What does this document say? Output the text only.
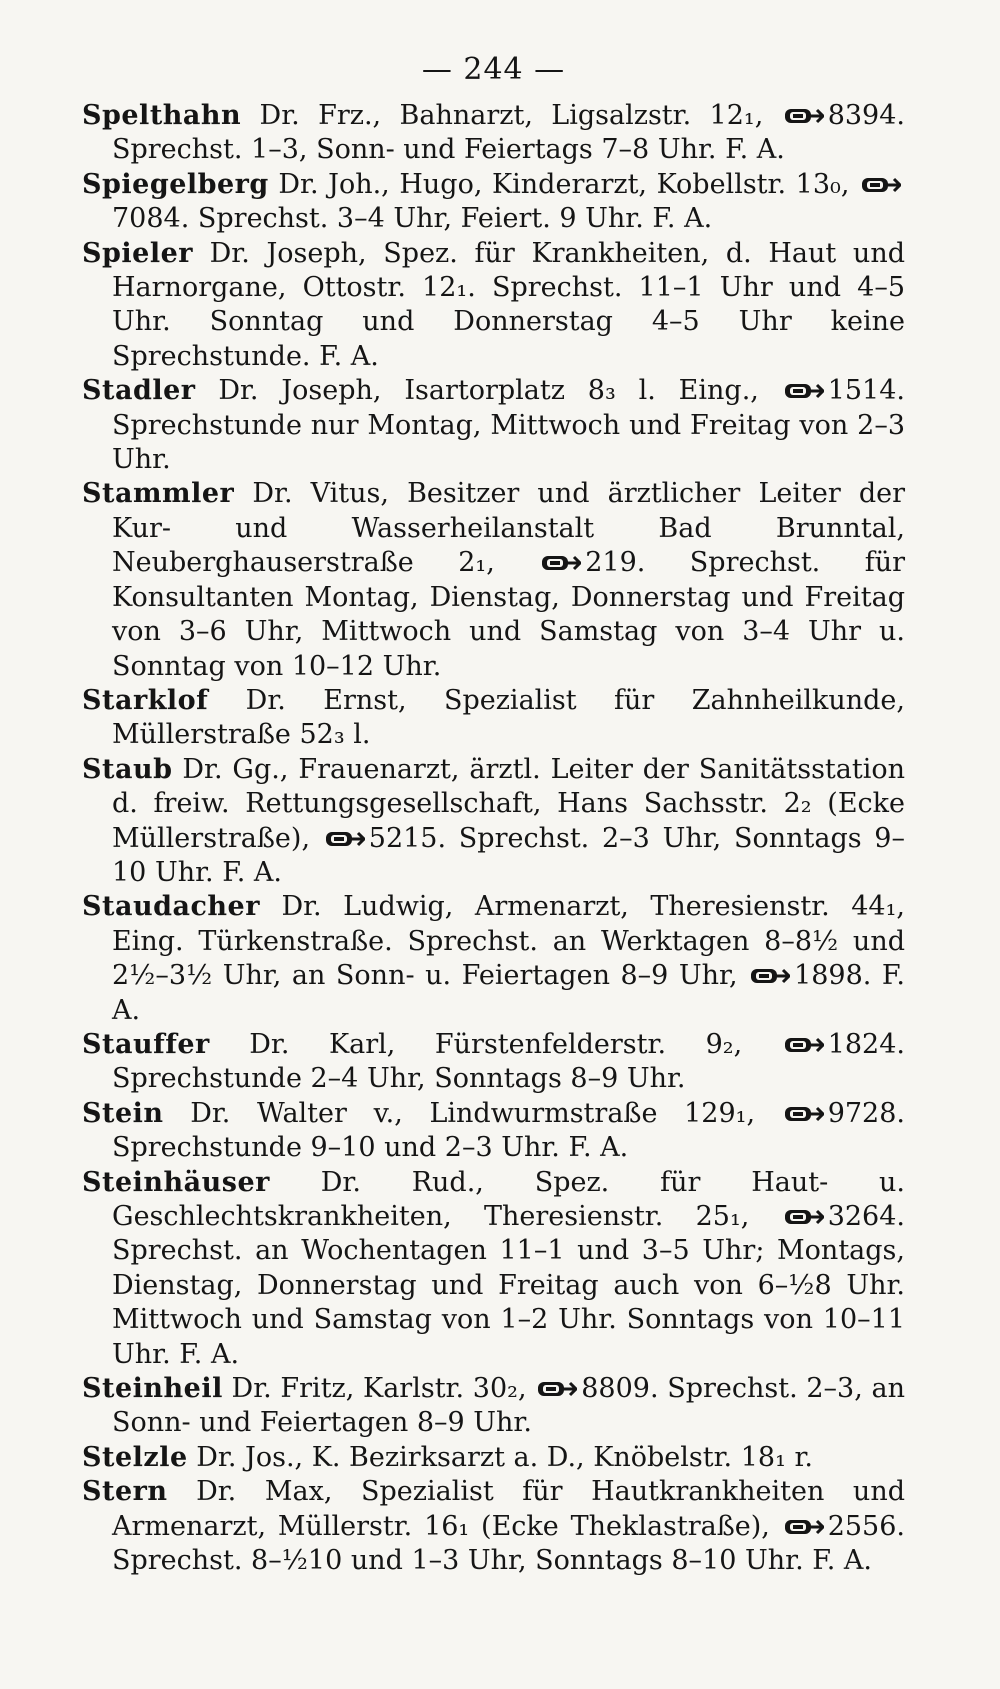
— 244 —
Spelthahn Dr. Frz., Bahnarzt, Ligsalzstr. 12₁,
8394. Sprechst. 1–3, Sonn- und Feiertags 7–8 Uhr. F. A.
Spiegelberg Dr. Joh., Hugo, Kinderarzt, Kobellstr. 13₀,
7084. Sprechst. 3–4 Uhr, Feiert. 9 Uhr. F. A.
Spieler Dr. Joseph, Spez. für Krankheiten, d. Haut und Harnorgane, Ottostr. 12₁. Sprechst. 11–1 Uhr und 4–5 Uhr. Sonntag und Donnerstag 4–5 Uhr keine Sprechstunde. F. A.
Stadler Dr. Joseph, Isartorplatz 8₃ l. Eing.,
1514. Sprechstunde nur Montag, Mittwoch und Freitag von 2–3 Uhr.
Stammler Dr. Vitus, Besitzer und ärztlicher Leiter der Kur- und Wasserheilanstalt Bad Brunntal, Neuberghauserstraße 2₁,
219. Sprechst. für Konsultanten Montag, Dienstag, Donnerstag und Freitag von 3–6 Uhr, Mittwoch und Samstag von 3–4 Uhr u. Sonntag von 10–12 Uhr.
Starklof Dr. Ernst, Spezialist für Zahnheilkunde, Müllerstraße 52₃ l.
Staub Dr. Gg., Frauenarzt, ärztl. Leiter der Sanitätsstation d. freiw. Rettungsgesellschaft, Hans Sachsstr. 2₂ (Ecke Müllerstraße),
5215. Sprechst. 2–3 Uhr, Sonntags 9–10 Uhr. F. A.
Staudacher Dr. Ludwig, Armenarzt, Theresienstr. 44₁, Eing. Türkenstraße. Sprechst. an Werktagen 8–8½ und 2½–3½ Uhr, an Sonn- u. Feiertagen 8–9 Uhr,
1898. F. A.
Stauffer Dr. Karl, Fürstenfelderstr. 9₂,
1824. Sprechstunde 2–4 Uhr, Sonntags 8–9 Uhr.
Stein Dr. Walter v., Lindwurmstraße 129₁,
9728. Sprechstunde 9–10 und 2–3 Uhr. F. A.
Steinhäuser Dr. Rud., Spez. für Haut- u. Geschlechtskrankheiten, Theresienstr. 25₁,
3264. Sprechst. an Wochentagen 11–1 und 3–5 Uhr; Montags, Dienstag, Donnerstag und Freitag auch von 6–½8 Uhr. Mittwoch und Samstag von 1–2 Uhr. Sonntags von 10–11 Uhr. F. A.
Steinheil Dr. Fritz, Karlstr. 30₂,
8809. Sprechst. 2–3, an Sonn- und Feiertagen 8–9 Uhr.
Stelzle Dr. Jos., K. Bezirksarzt a. D., Knöbelstr. 18₁ r.
Stern Dr. Max, Spezialist für Hautkrankheiten und Armenarzt, Müllerstr. 16₁ (Ecke Theklastraße),
2556. Sprechst. 8–½10 und 1–3 Uhr, Sonntags 8–10 Uhr. F. A.
